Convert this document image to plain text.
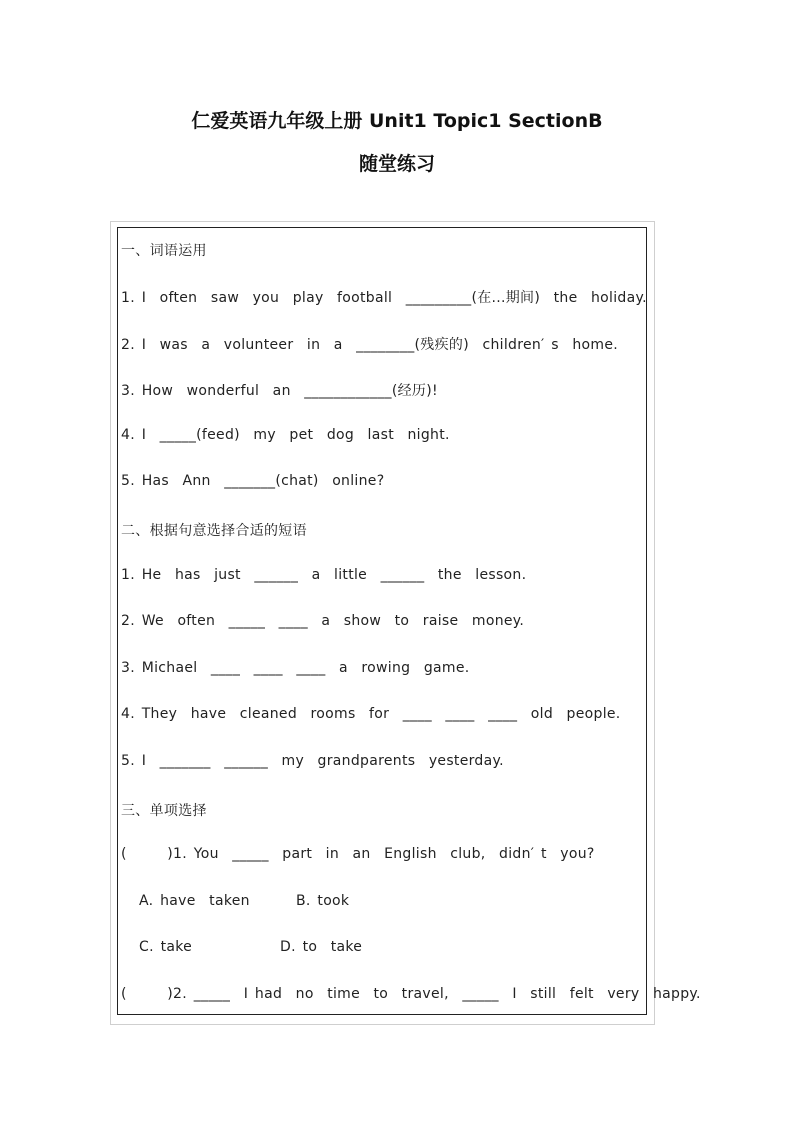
仁爱英语九年级上册 Unit1 Topic1 SectionB
随堂练习
一、词语运用
1. I  often  saw  you  play  football  _________(在...期间)  the  holiday.
2. I  was  a  volunteer  in  a  ________(残疾的)  children′ s  home.
3. How  wonderful  an  ____________(经历)!
4. I  _____(feed)  my  pet  dog  last  night.
5. Has  Ann  _______(chat)  online?
二、根据句意选择合适的短语
1. He  has  just  ______  a  little  ______  the  lesson.
2. We  often  _____  ____  a  show  to  raise  money.
3. Michael  ____  ____  ____  a  rowing  game.
4. They  have  cleaned  rooms  for  ____  ____  ____  old  people.
5. I  _______  ______  my  grandparents  yesterday.
三、单项选择
(      )1. You  _____  part  in  an  English  club,  didn′ t  you?
A. have  taken	B. took
C. take	D. to  take
(      )2. _____  I had  no  time  to  travel,  _____  I  still  felt  very  happy.
